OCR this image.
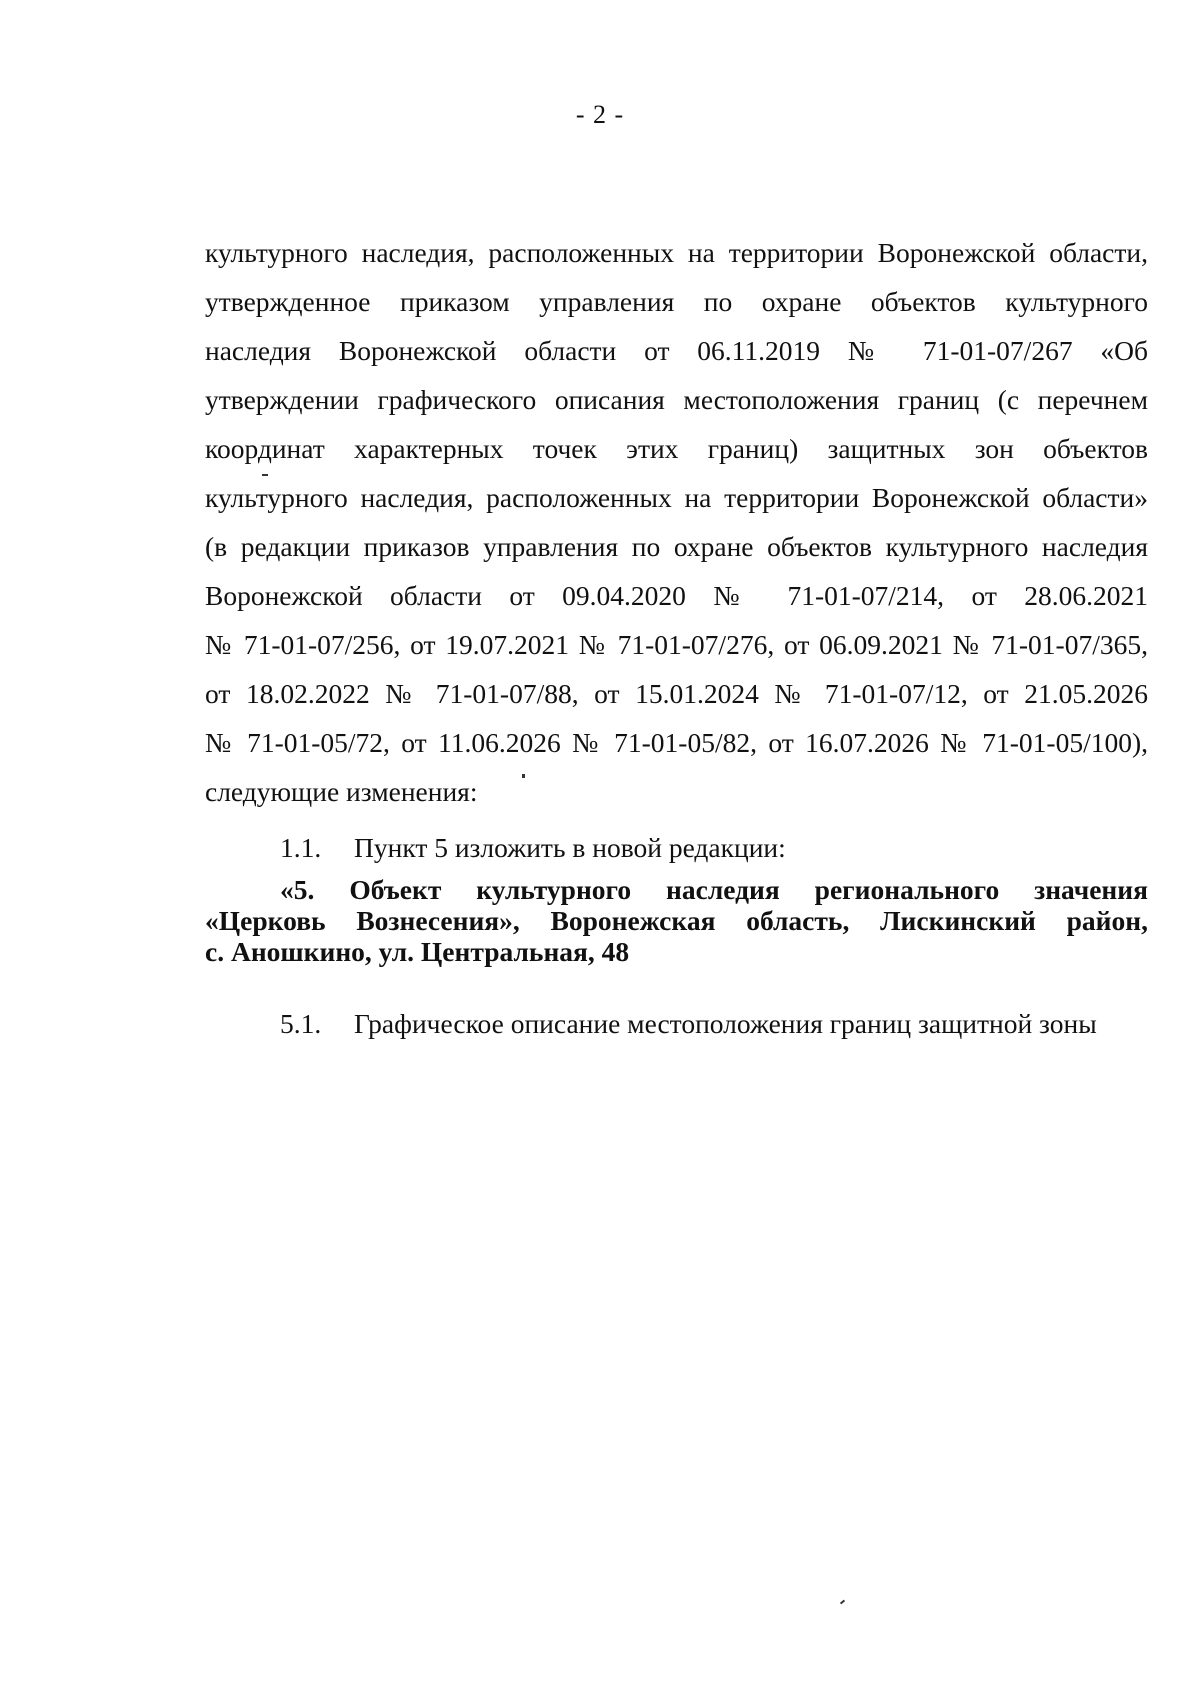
- 2 -
культурного наследия, расположенных на территории Воронежской области,
утвержденное приказом управления по охране объектов культурного
наследия Воронежской области от 06.11.2019 № 71-01-07/267 «Об
утверждении графического описания местоположения границ (с перечнем
координат характерных точек этих границ) защитных зон объектов
культурного наследия, расположенных на территории Воронежской области»
(в редакции приказов управления по охране объектов культурного наследия
Воронежской области от 09.04.2020 № 71-01-07/214, от 28.06.2021
№ 71-01-07/256, от 19.07.2021 № 71-01-07/276, от 06.09.2021 № 71-01-07/365,
от 18.02.2022 № 71-01-07/88, от 15.01.2024 № 71-01-07/12, от 21.05.2026
№ 71-01-05/72, от 11.06.2026 № 71-01-05/82, от 16.07.2026 № 71-01-05/100),
следующие изменения:
1.1. Пункт 5 изложить в новой редакции:
«5. Объект культурного наследия регионального значения
«Церковь Вознесения», Воронежская область, Лискинский район,
с. Аношкино, ул. Центральная, 48
5.1. Графическое описание местоположения границ защитной зоны
